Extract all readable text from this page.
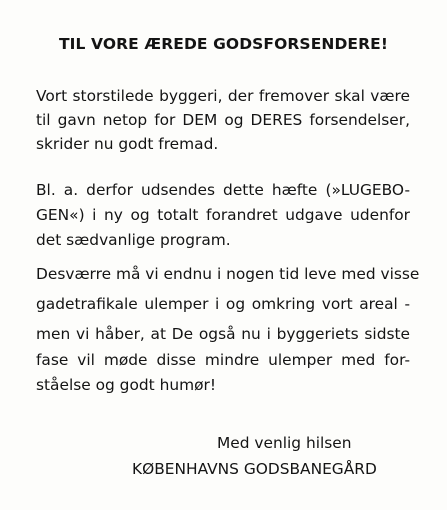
TIL VORE ÆREDE GODSFORSENDERE!
Vort storstilede byggeri, der fremover skal være
til gavn netop for DEM og DERES forsendelser,
skrider nu godt fremad.
Bl. a. derfor udsendes dette hæfte (»LUGEBO-
GEN«) i ny og totalt forandret udgave udenfor
det sædvanlige program.
Desværre må vi endnu i nogen tid leve med visse
gadetrafikale ulemper i og omkring vort areal -
men vi håber, at De også nu i byggeriets sidste
fase vil møde disse mindre ulemper med for-
ståelse og godt humør!
Med venlig hilsen
KØBENHAVNS GODSBANEGÅRD
